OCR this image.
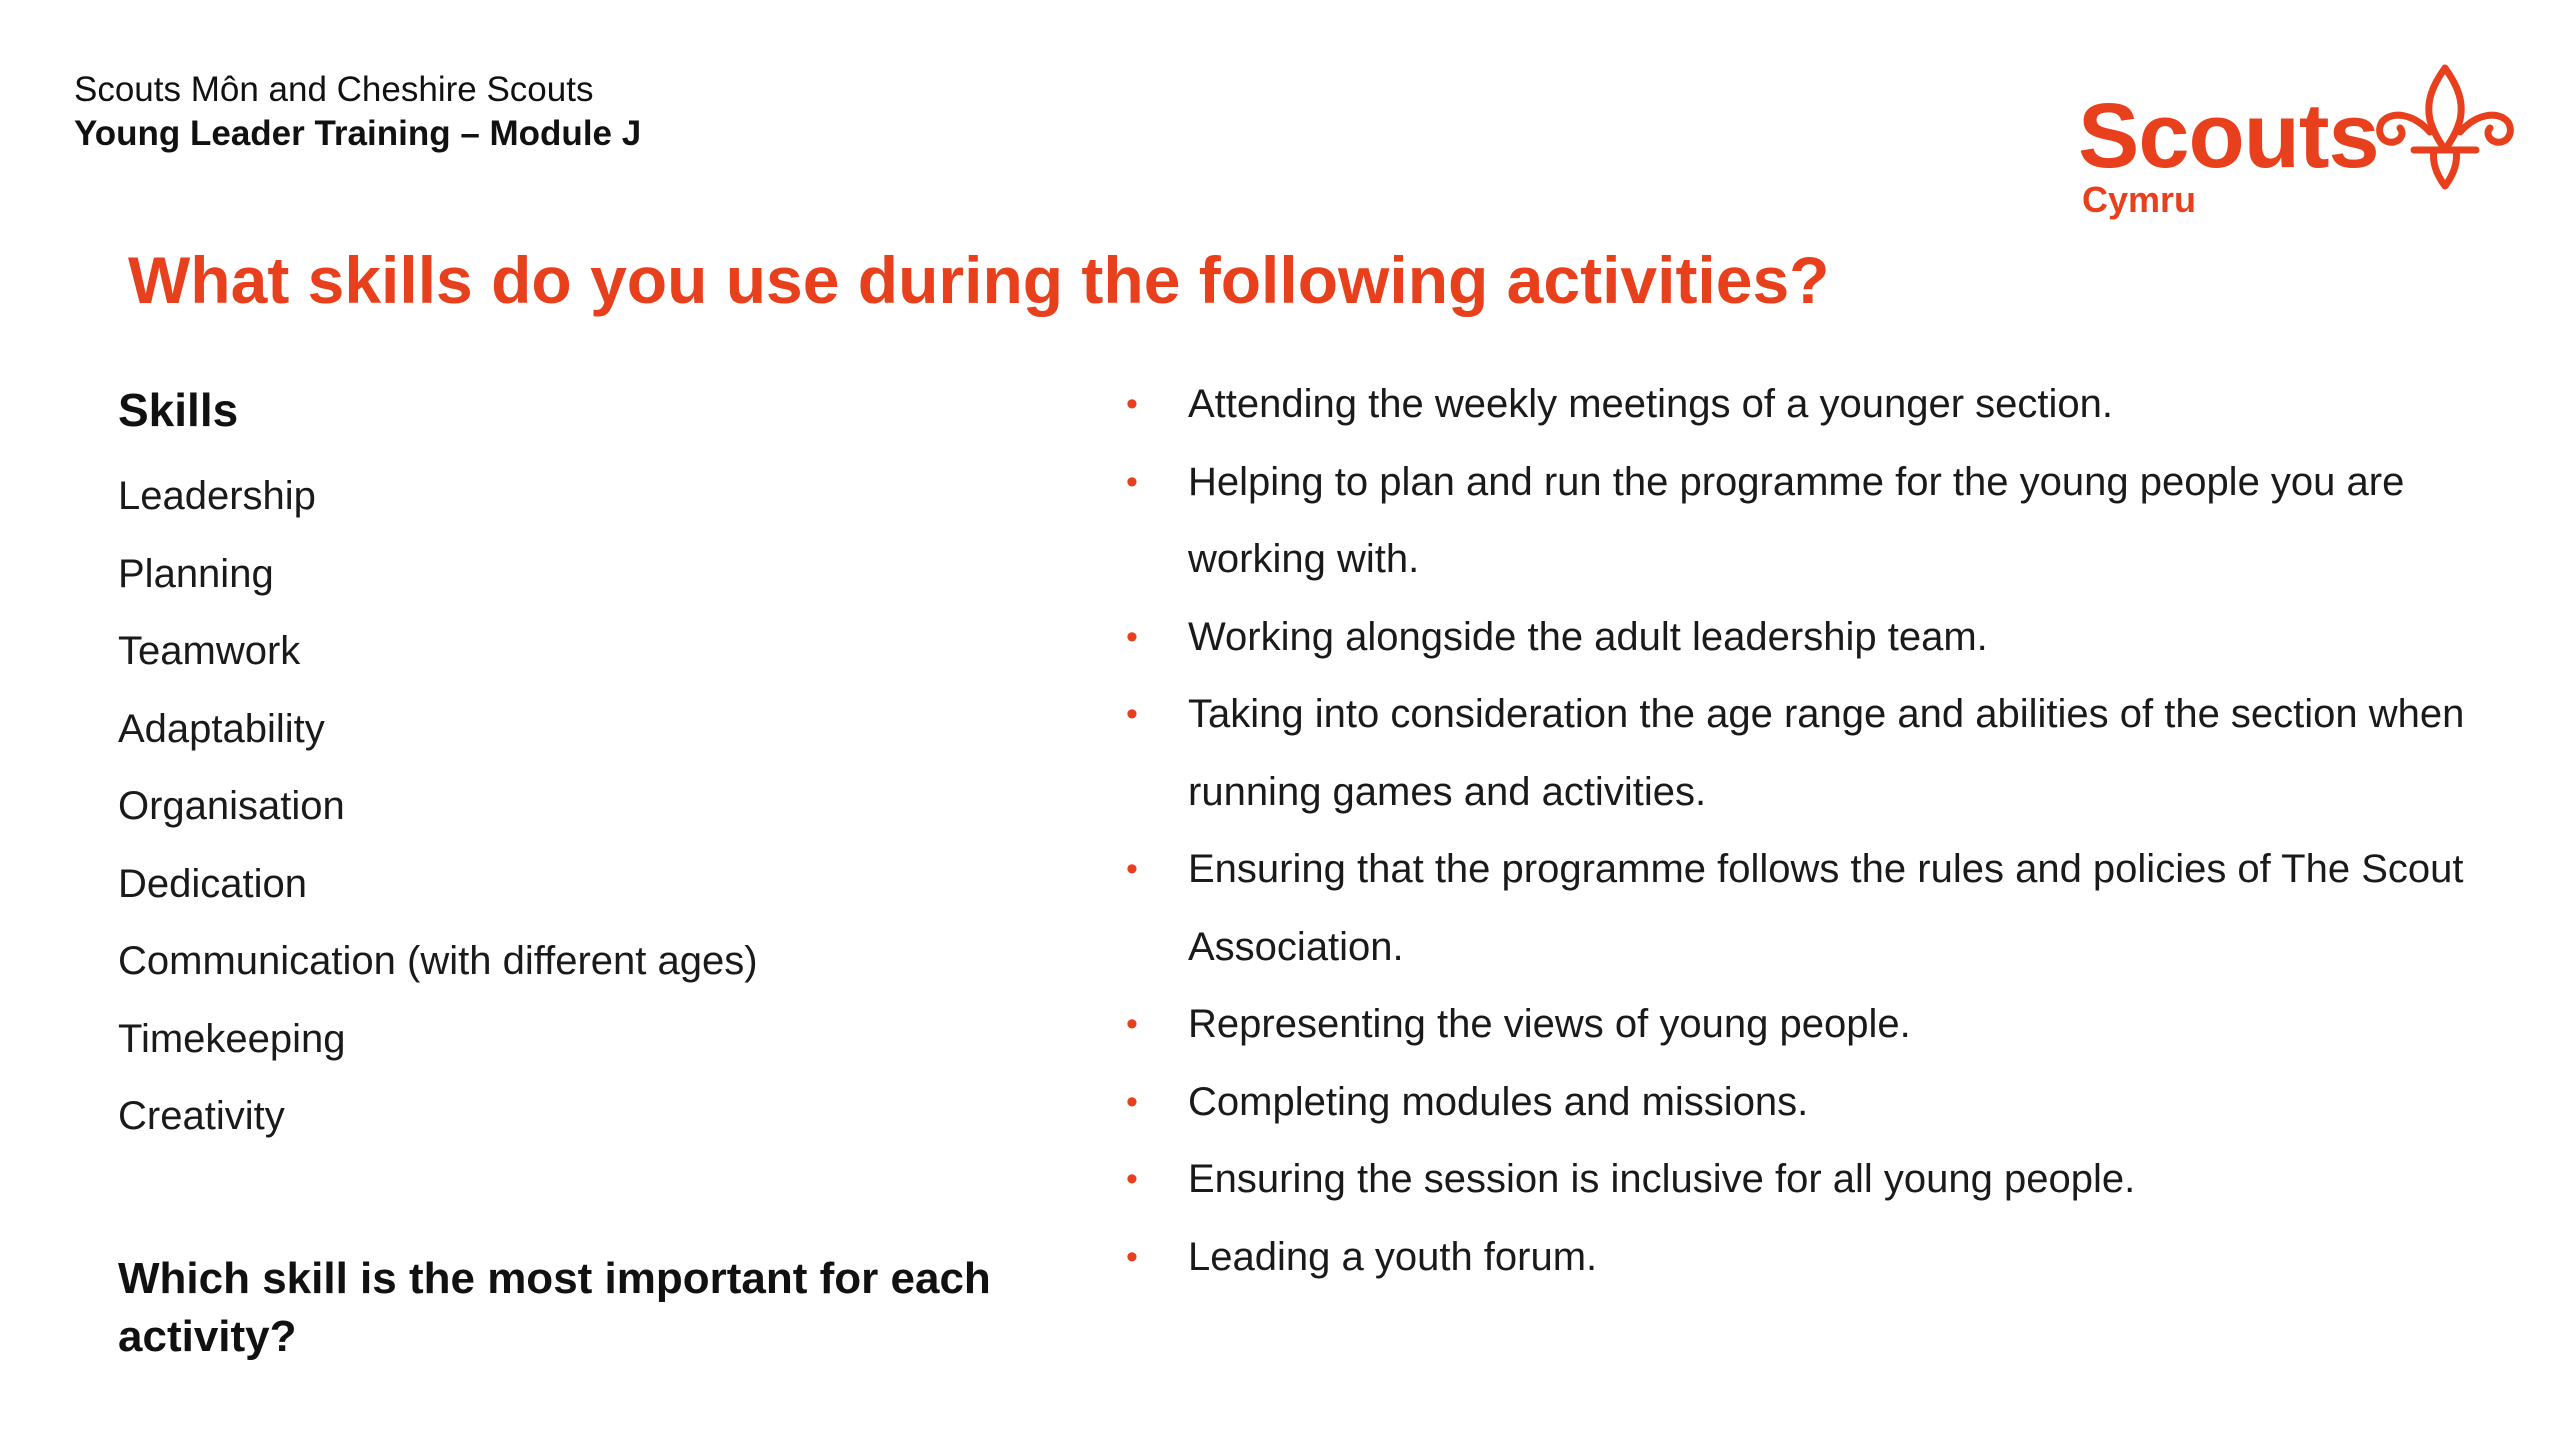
Scouts Môn and Cheshire Scouts
Young Leader Training – Module J	Scouts
Cymru
What skills do you use during the following activities?
Skills
Leadership
Planning
Teamwork
Adaptability
Organisation
Dedication
Communication (with different ages)
Timekeeping
Creativity
Which skill is the most important for each activity?
• Attending the weekly meetings of a younger section.
• Helping to plan and run the programme for the young people you are working with.
• Working alongside the adult leadership team.
• Taking into consideration the age range and abilities of the section when running games and activities.
• Ensuring that the programme follows the rules and policies of The Scout Association.
• Representing the views of young people.
• Completing modules and missions.
• Ensuring the session is inclusive for all young people.
• Leading a youth forum.
